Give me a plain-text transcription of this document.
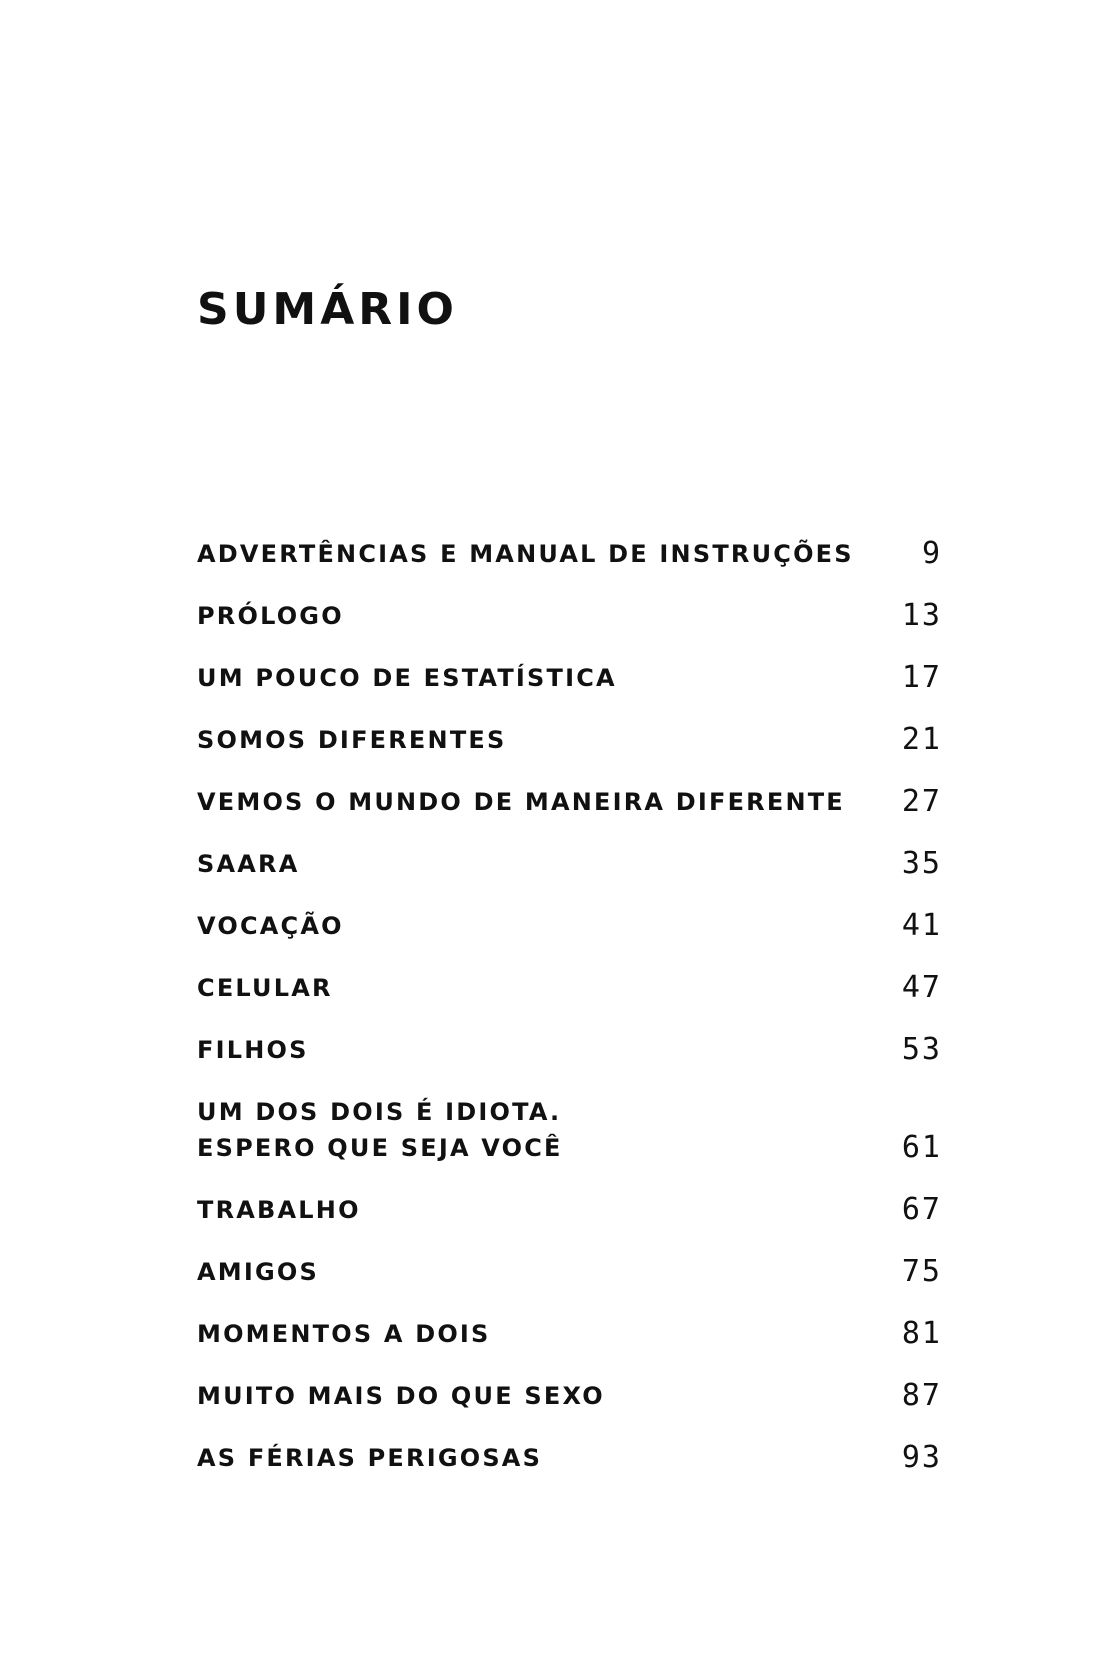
SUMÁRIO
ADVERTÊNCIAS E MANUAL DE INSTRUÇÕES	9
PRÓLOGO	13
UM POUCO DE ESTATÍSTICA	17
SOMOS DIFERENTES	21
VEMOS O MUNDO DE MANEIRA DIFERENTE	27
SAARA	35
VOCAÇÃO	41
CELULAR	47
FILHOS	53
UM DOS DOIS É IDIOTA.
ESPERO QUE SEJA VOCÊ	61
TRABALHO	67
AMIGOS	75
MOMENTOS A DOIS	81
MUITO MAIS DO QUE SEXO	87
AS FÉRIAS PERIGOSAS	93
